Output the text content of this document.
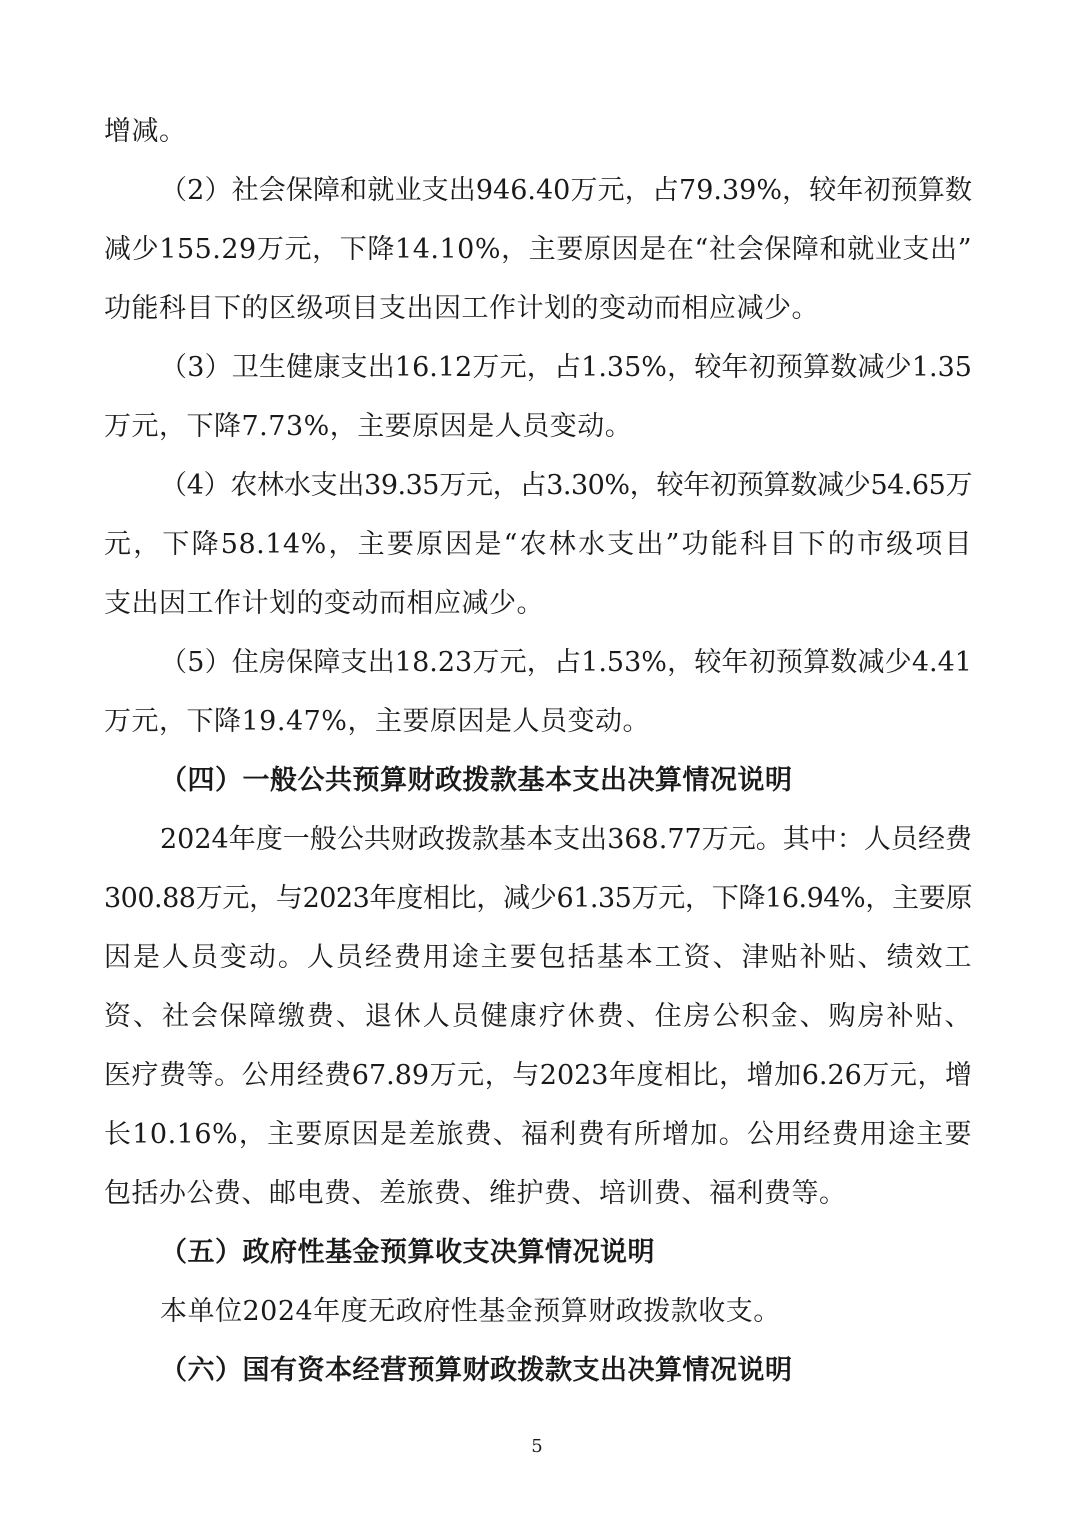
增减。
（2）社会保障和就业支出946.40万元，占79.39%，较年初预算数
减少155.29万元，下降14.10%，主要原因是在“社会保障和就业支出”
功能科目下的区级项目支出因工作计划的变动而相应减少。
（3）卫生健康支出16.12万元，占1.35%，较年初预算数减少1.35
万元，下降7.73%，主要原因是人员变动。
（4）农林水支出39.35万元，占3.30%，较年初预算数减少54.65万
元，下降58.14%，主要原因是“农林水支出”功能科目下的市级项目
支出因工作计划的变动而相应减少。
（5）住房保障支出18.23万元，占1.53%，较年初预算数减少4.41
万元，下降19.47%，主要原因是人员变动。
（四）一般公共预算财政拨款基本支出决算情况说明
2024年度一般公共财政拨款基本支出368.77万元。其中：人员经费
300.88万元，与2023年度相比，减少61.35万元，下降16.94%，主要原
因是人员变动。人员经费用途主要包括基本工资、津贴补贴、绩效工
资、社会保障缴费、退休人员健康疗休费、住房公积金、购房补贴、
医疗费等。公用经费67.89万元，与2023年度相比，增加6.26万元，增
长10.16%，主要原因是差旅费、福利费有所增加。公用经费用途主要
包括办公费、邮电费、差旅费、维护费、培训费、福利费等。
（五）政府性基金预算收支决算情况说明
本单位2024年度无政府性基金预算财政拨款收支。
（六）国有资本经营预算财政拨款支出决算情况说明
5
